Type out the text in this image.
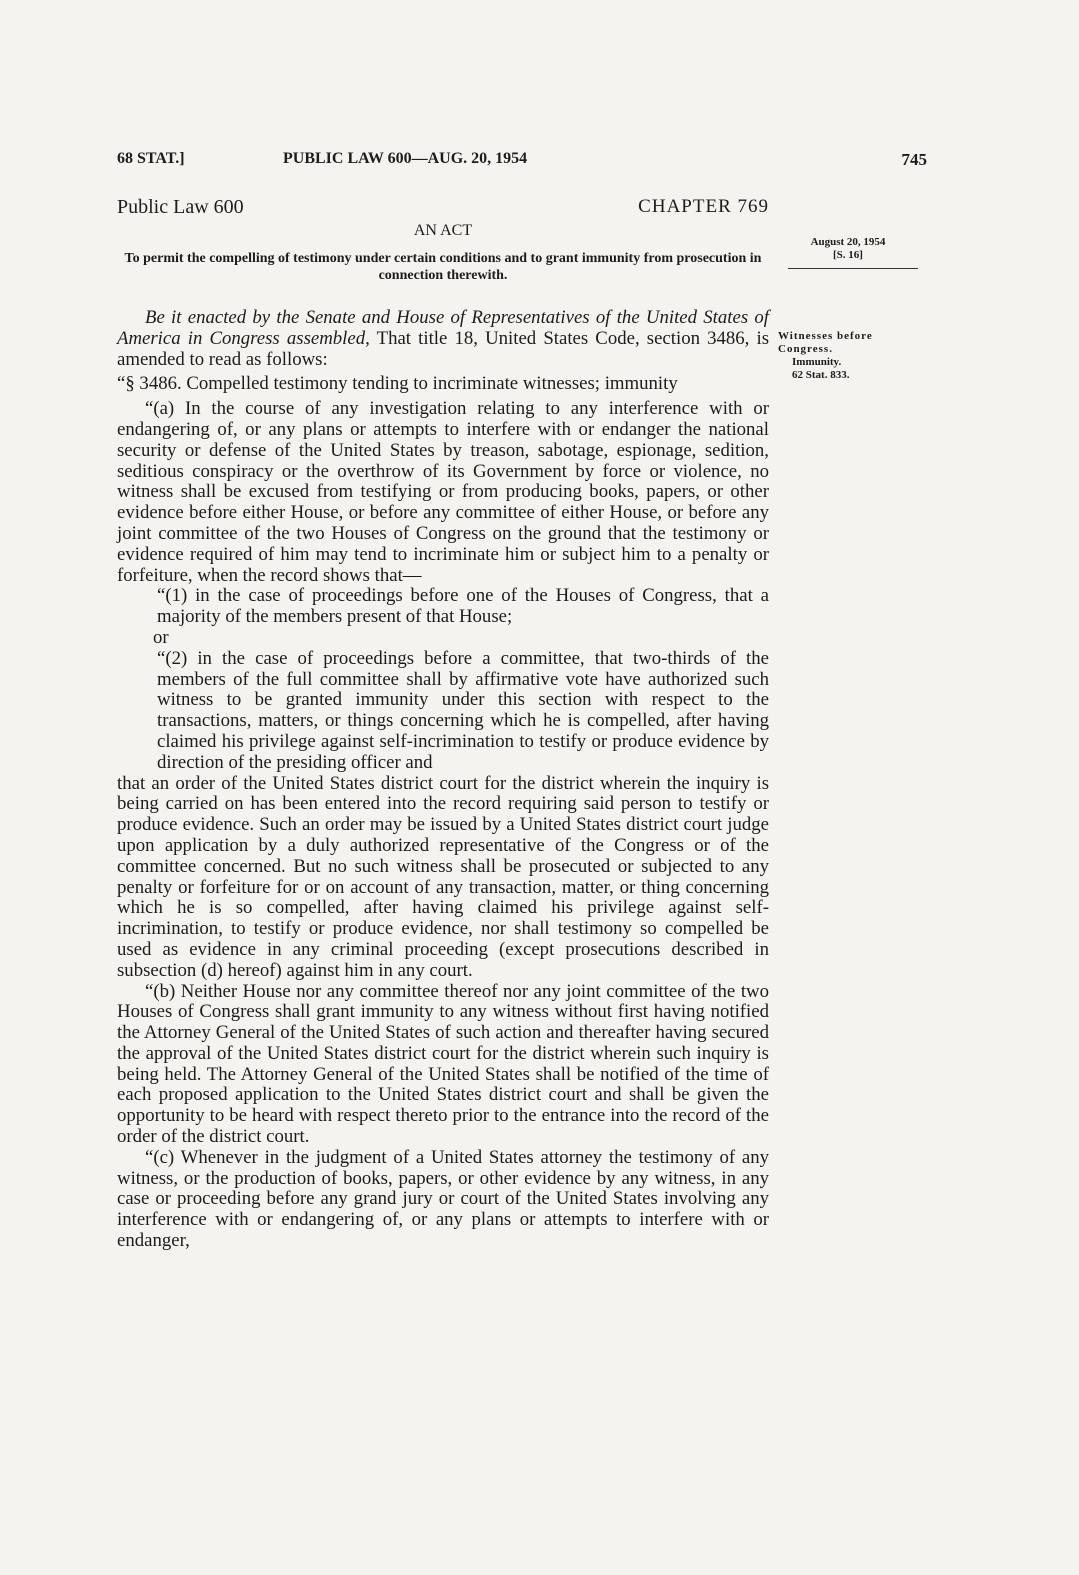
68 STAT.]	PUBLIC LAW 600—AUG. 20, 1954	745
Public Law 600	CHAPTER 769
AN ACT
To permit the compelling of testimony under certain conditions and to grant immunity from prosecution in connection therewith.
August 20, 1954
[S. 16]
Witnesses before Congress.
Immunity.
62 Stat. 833.

Be it enacted by the Senate and House of Representatives of the United States of America in Congress assembled, That title 18, United States Code, section 3486, is amended to read as follows:

“§ 3486. Compelled testimony tending to incriminate witnesses; immunity

“(a) In the course of any investigation relating to any interference with or endangering of, or any plans or attempts to interfere with or endanger the national security or defense of the United States by treason, sabotage, espionage, sedition, seditious conspiracy or the overthrow of its Government by force or violence, no witness shall be excused from testifying or from producing books, papers, or other evidence before either House, or before any committee of either House, or before any joint committee of the two Houses of Congress on the ground that the testimony or evidence required of him may tend to incriminate him or subject him to a penalty or forfeiture, when the record shows that—

“(1) in the case of proceedings before one of the Houses of Congress, that a majority of the members present of that House;

or

“(2) in the case of proceedings before a committee, that two-thirds of the members of the full committee shall by affirmative vote have authorized such witness to be granted immunity under this section with respect to the transactions, matters, or things concerning which he is compelled, after having claimed his privilege against self-incrimination to testify or produce evidence by direction of the presiding officer and

that an order of the United States district court for the district wherein the inquiry is being carried on has been entered into the record requiring said person to testify or produce evidence. Such an order may be issued by a United States district court judge upon application by a duly authorized representative of the Congress or of the committee concerned. But no such witness shall be prosecuted or subjected to any penalty or forfeiture for or on account of any transaction, matter, or thing concerning which he is so compelled, after having claimed his privilege against self-incrimination, to testify or produce evidence, nor shall testimony so compelled be used as evidence in any criminal proceeding (except prosecutions described in subsection (d) hereof) against him in any court.

“(b) Neither House nor any committee thereof nor any joint committee of the two Houses of Congress shall grant immunity to any witness without first having notified the Attorney General of the United States of such action and thereafter having secured the approval of the United States district court for the district wherein such inquiry is being held. The Attorney General of the United States shall be notified of the time of each proposed application to the United States district court and shall be given the opportunity to be heard with respect thereto prior to the entrance into the record of the order of the district court.

“(c) Whenever in the judgment of a United States attorney the testimony of any witness, or the production of books, papers, or other evidence by any witness, in any case or proceeding before any grand jury or court of the United States involving any interference with or endangering of, or any plans or attempts to interfere with or endanger,
